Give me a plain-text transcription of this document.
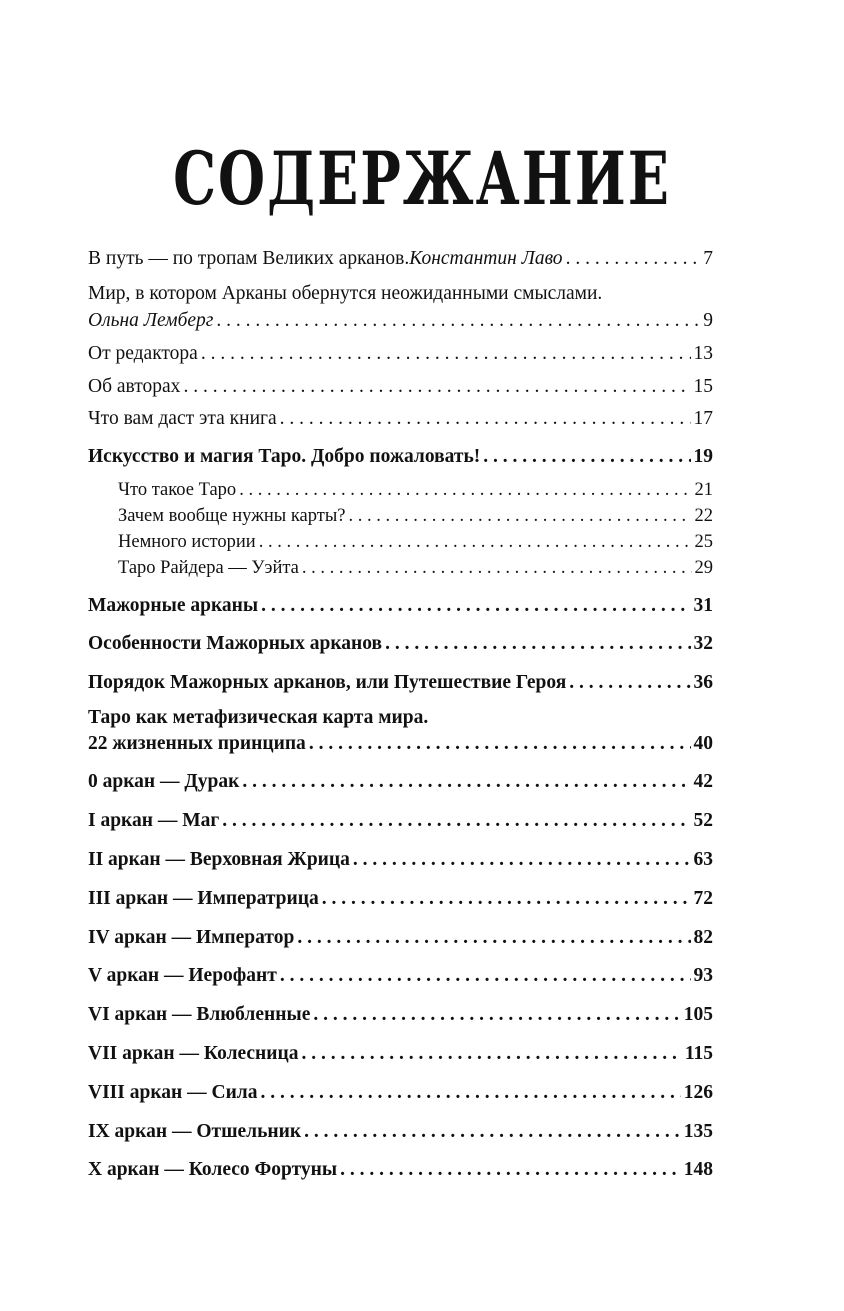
СОДЕРЖАНИЕ
В путь — по тропам Великих арканов. Константин Лаво . . .	7
Мир, в котором Арканы обернутся неожиданными смыслами.
Ольна Лемберг . . .	9
От редактора . . .	13
Об авторах . . .	15
Что вам даст эта книга . . .	17
Искусство и магия Таро. Добро пожаловать! . . .	19
Что такое Таро . . .	21
Зачем вообще нужны карты? . . .	22
Немного истории . . .	25
Таро Райдера — Уэйта . . .	29
Мажорные арканы . . .	31
Особенности Мажорных арканов . . .	32
Порядок Мажорных арканов, или Путешествие Героя . . .	36
Таро как метафизическая карта мира.
22 жизненных принципа . . .	40
0 аркан — Дурак . . .	42
I аркан — Маг . . .	52
II аркан — Верховная Жрица . . .	63
III аркан — Императрица . . .	72
IV аркан — Император . . .	82
V аркан — Иерофант . . .	93
VI аркан — Влюбленные . . .	105
VII аркан — Колесница . . .	115
VIII аркан — Сила . . .	126
IX аркан — Отшельник . . .	135
X аркан — Колесо Фортуны . . .	148
